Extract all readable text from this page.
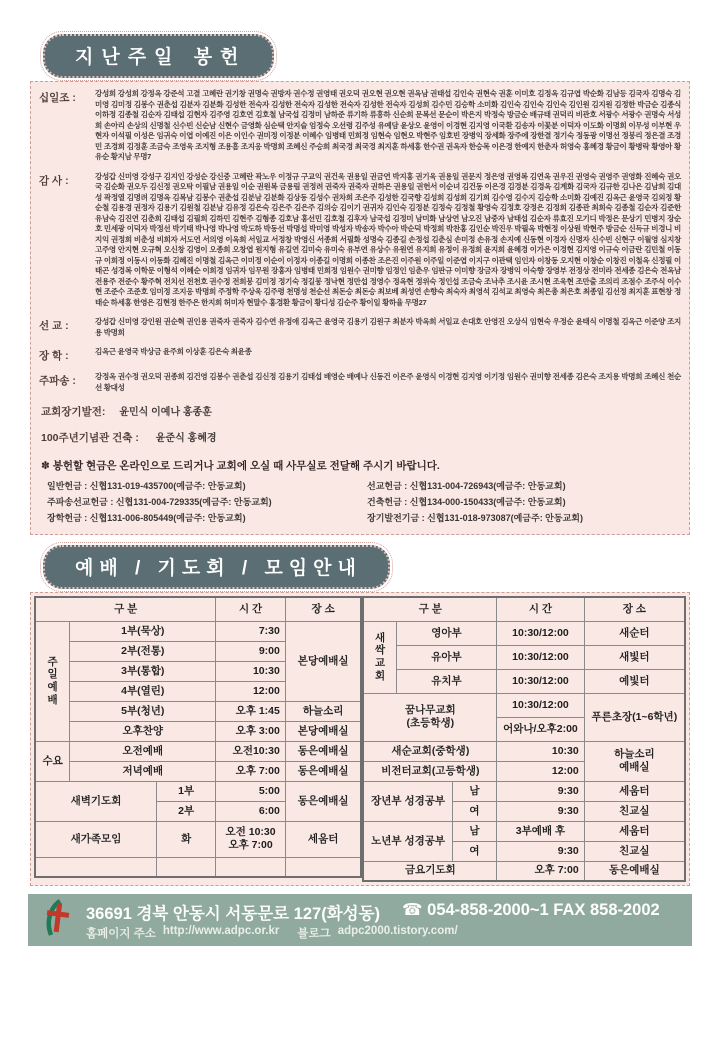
지난주일 봉헌
십일조 :	강성희 강성희 강정옥 강준석 고결 고혜란 권기창 권명숙 권방자 권수정 권영태 권오덕 권오현 권오현 권옥남 권태섭 김인숙 권현숙 권훈 이미호 김정옥 김규엽 박순화 김남등 김국자 김명숙 김미영 김미정 김봉수 권춘섭 김분자 김분화 김성한 전숙자 김성한 전숙자 김성한 전숙자 김성한 전숙자 김성희 김수민 김승학 소미화 김인숙 김인숙 김인숙 김인원 김지원 김정한 박금순 김종식 이하정 김종철 김순자 김태섭 김현자 김주영 김호연 김호철 남국섭 김정미 남하준 류기하 류흥하 신순희 문복선 문순이 박은지 박정숙 방금순 배규태 권덕리 비관호 서광수 서광수 권명숙 서성희 손아리 손상의 신명철 신수빈 신순남 신현수 금영화 심순택 안지슬 엄정숙 오선령 김주성 유예담 윤상오 윤영이 이경현 김지영 이국환 김송자 이꽃분 이덕자 이도화 이명희 이무성 이부현 우현자 이석필 이성은 임귀숙 이엽 이예진 이은 이인수 권미정 이정분 이혜수 임병태 민희정 임현숙 임현오 박현주 임호빈 장병익 장세화 장주에 장한결 정기숙 정동광 이명선 정붕리 정은결 조경민 조경희 김정훈 조금숙 조영욱 조지형 조용흠 조지옹 박명희 조혜신 주승희 최국경 최국경 최지훈 하세홍 한수권 권옥자 한승목 이은경 한예지 한춘자 허영숙 홍혜경 황금이 황병락 황영아 황유순 황지남 무명7
감 사 :	강성갑 신미영 강성구 김지인 강성순 강신중 고혜란 곽노우 이정규 구교익 권건욱 권용일 권금연 박지홍 권기욱 권용일 권문지 정은영 권영복 김연옥 권우진 권영숙 권영주 권영화 진혜숙 권오국 김순화 권오두 김신정 권오탁 이필남 권용일 이순 권원복 금용림 권정려 권죽자 권죽자 권하은 권용일 권헌서 이순녀 김건동 이은경 김경분 김경옥 김계화 김국자 김규한 김나은 김남희 김대성 곽정열 김명려 김명옥 김복남 김봉수 권춘섭 김분남 김분화 김상동 김성수 권차희 조은주 김성한 김국향 김성희 김성희 김기희 김수영 김수지 김승학 소미화 김예진 김옥근 윤영국 김외정 황순철 김용경 권정자 김용기 김원철 김분남 김유정 김은숙 김은주 김은주 김의승 김이기 권귀자 김인숙 김정분 김정숙 김정철 황영숙 김정호 강정은 김정희 김종관 최희숙 김종철 김순자 김준한 유남숙 김진연 김춘희 김태섭 김필희 김하민 김현주 김형종 김호남 홍선민 김호철 김후자 남국섭 김정미 남미화 남상연 남오진 남중자 남태섭 김순자 류효진 모기디 박정은 문상기 민병지 장순호 민세광 이덕자 박정선 박기태 박나영 박나영 박도하 박동선 박명섭 박미영 박성자 박송자 박수아 박순덕 박정희 박찬홍 김인순 박진우 박필옥 박현정 이상원 박현주 방금순 신득규 비경니 비지익 권정희 비춘성 비희자 서도연 서의영 이옥희 서일교 서정창 박영신 서종희 서필화 성명숙 김종길 손정섭 김춘심 손미정 손유정 손지예 신동현 이경자 신명자 신수빈 신현구 이월영 심지창 고주영 안지현 오규혁 오신창 김영이 오종희 오창엽 원지형 유길연 김미숙 유미숙 유부연 유상수 유원연 유지희 유정이 유정희 윤지희 윤혜경 이가은 이경현 김지영 이규숙 이금란 김민철 이동규 이희정 이동시 이동화 김혜진 이명철 김옥근 이미정 이순이 이정자 이종길 이명희 이종찬 조은진 이주원 이주일 이준엽 이지구 이관택 임인자 이창동 오지현 이창순 이창진 이철옥 신정필 이태곤 성경복 이학문 이형석 이혜순 이희경 임귀자 임무원 장홍자 임병태 민희정 임원수 권미향 임정인 임춘우 임판규 이미향 장금자 장병익 이숙향 장영부 전정상 전미라 전세종 김은숙 전옥남 전용주 전준수 황주혁 전치선 전천호 권수정 전희붕 김미정 정기숙 정길붕 정낙현 정만섭 정영수 정옥현 정위숙 정인섭 조금숙 조낙추 조시윤 조시현 조욱현 조만출 조의리 조점수 조주식 이수현 조준수 조준호 임미정 조지옹 박명희 주정학 주상욱 김주령 천명성 천순선 최돈승 최돈승 최보베 최성연 손향숙 최숙자 최영석 김석교 최영숙 최은총 최은호 최종일 김선정 최지훈 표현창 정태순 하세홍 한영은 김현정 한주은 한지희 허미자 현말수 홍경환 황금이 황디성 김순주 황이일 황하율 무명27
선 교 :	강성갑 신미영 강인원 권순혁 권인용 권죽자 권죽자 김수연 유정애 김옥근 윤영국 김용기 김원구 최분자 박옥희 서일교 손대호 안영진 오상식 임현숙 우정순 윤태식 이명철 김옥근 이준양 조지용 박명희
장 학 :	김옥근 윤영국 박상금 윤주희 이상훈 김은숙 최윤종
주파송 :	강정옥 권수정 권오덕 권종희 김건영 김봉수 권춘섭 김신정 김용기 김태섭 배영순 배예나 신동건 이은주 윤영식 이경현 김지영 이기정 임원수 권미향 전세종 김은숙 조지용 박명희 조혜신 천순선 황대성
교회장기발전: 윤민식 이예나 홍종훈
100주년기념관 건축 : 윤준식 홍혜경
✽ 봉헌할 현금은 온라인으로 드리거나 교회에 오실 때 사무실로 전달해 주시기 바랍니다.
일반헌금 : 신협131-019-435700(예금주: 안동교회)	선교헌금 : 신협131-004-726943(예금주: 안동교회)
주파송선교헌금 : 신협131-004-729335(예금주: 안동교회)	건축헌금 : 신협134-000-150433(예금주: 안동교회)
장학헌금 : 신협131-006-805449(예금주: 안동교회)	장기발전기금 : 신협131-018-973087(예금주: 안동교회)
예배 / 기도회 / 모임안내
구 분			시 간	장 소
주
일
예
배	1부(묵상)		7:30	본당예배실
	2부(전통)		9:00	
	3부(통합)		10:30	
	4부(열린)		12:00	
	5부(청년)		오후 1:45	하늘소리
	오후찬양		오후 3:00	본당예배실
수요	오전예배		오전10:30	동은예배실
	저녁예배		오후 7:00	동은예배실
새벽기도회		1부	5:00	동은예배실
		2부	6:00	
새가족모임		화	오전 10:30
오후 7:00	세움터

구 분			시 간	장 소
새
싹
교
회	영아부		10:30/12:00	새순터
	유아부		10:30/12:00	새빛터
	유치부		10:30/12:00	예빛터
꿈나무교회
(초등학생)			10:30/12:00	푸른초장(1~6학년)
			어와나/오후2:00	
새순교회(중학생)			10:30	하늘소리
예배실
비전터교회(고등학생)			12:00	
장년부 성경공부		남	9:30	세움터
		여	9:30	친교실
노년부 성경공부		남	3부예배 후	세움터
		여	9:30	친교실
금요기도회			오후 7:00	동은예배실
36691 경북 안동시 서동문로 127(화성동) ☎ 054-858-2000~1 FAX 858-2002
홈페이지 주소 http://www.adpc.or.kr 블로그 adpc2000.tistory.com/
